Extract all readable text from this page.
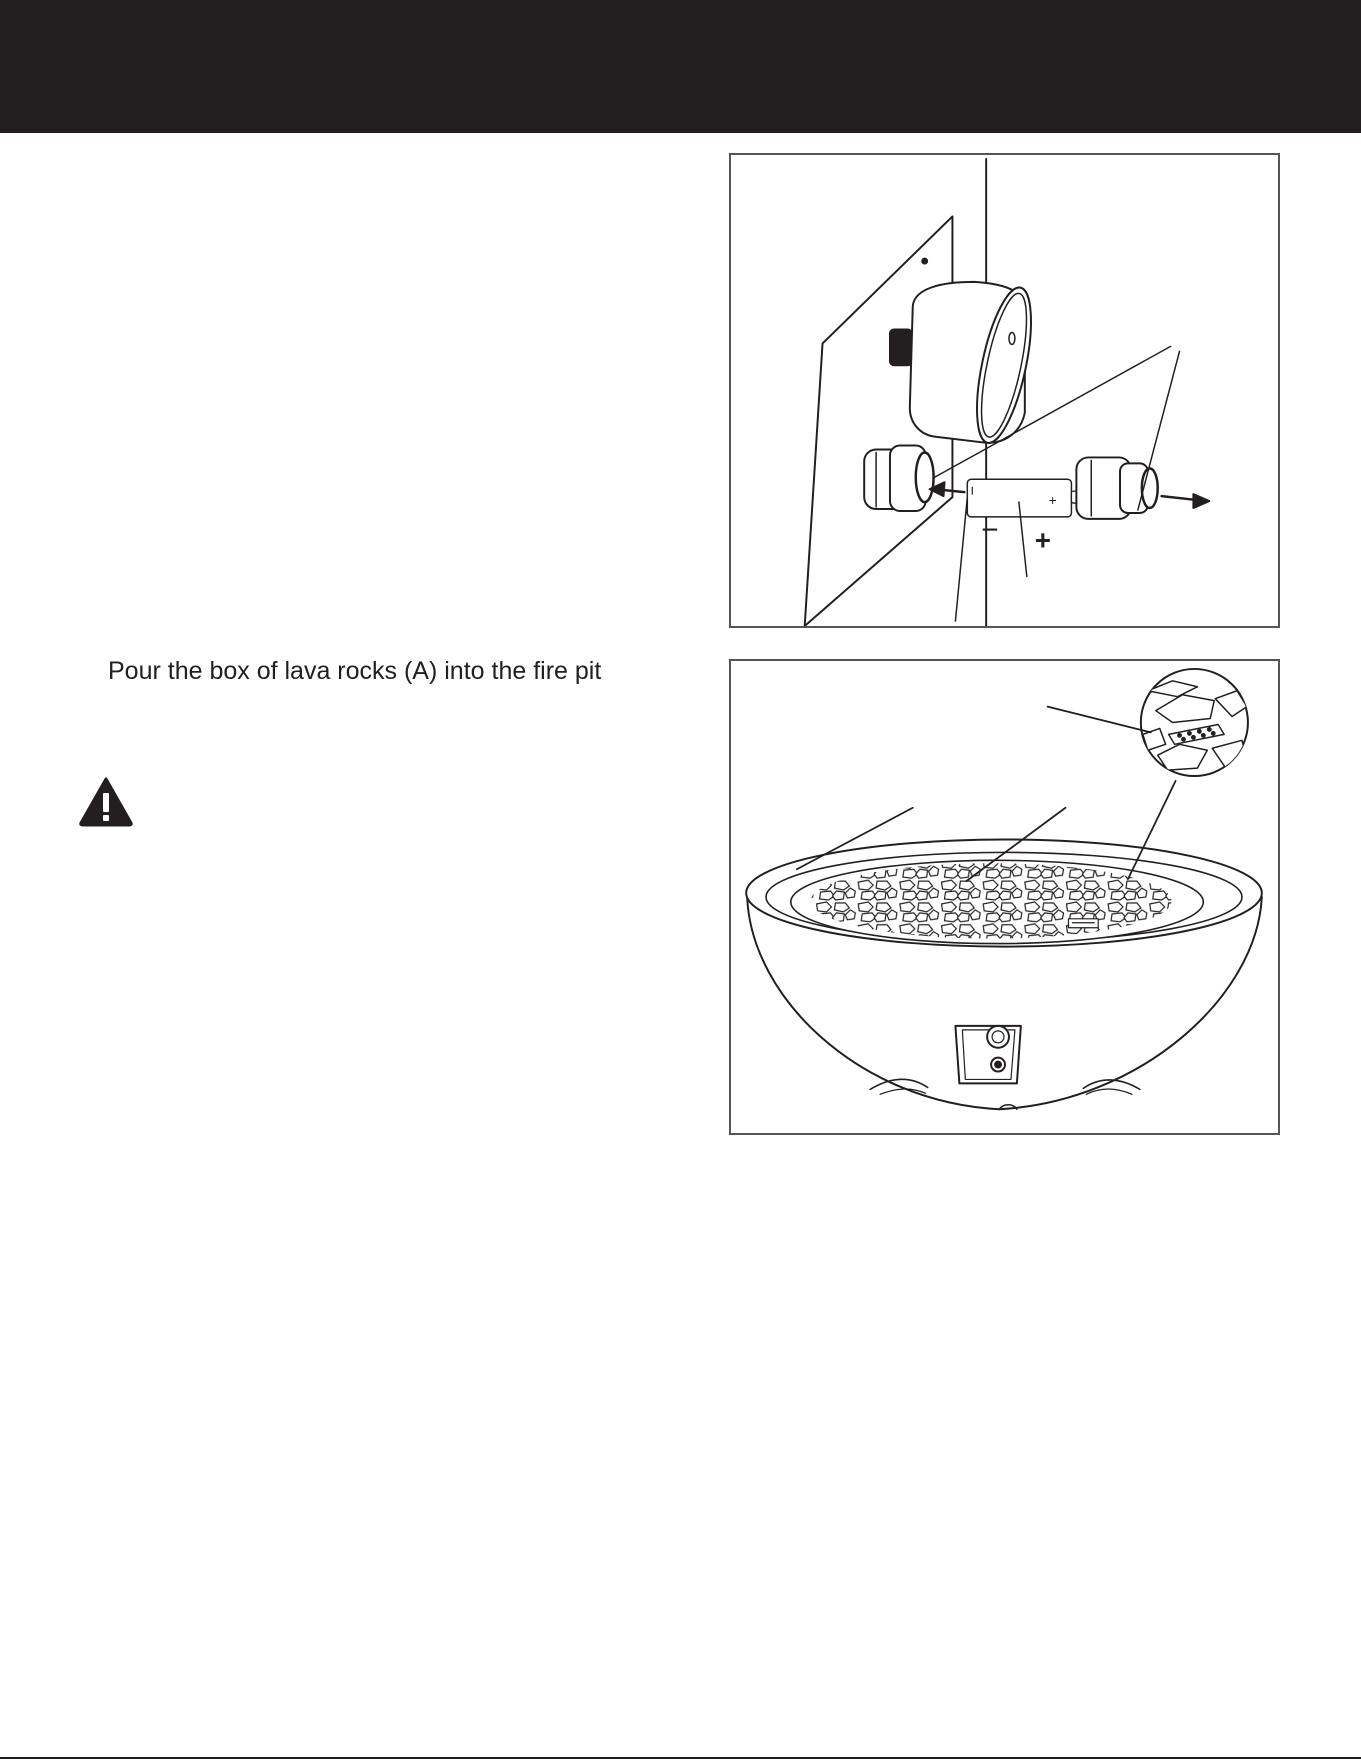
− +
+
Pour the box of lava rocks (A) into the fire pit
